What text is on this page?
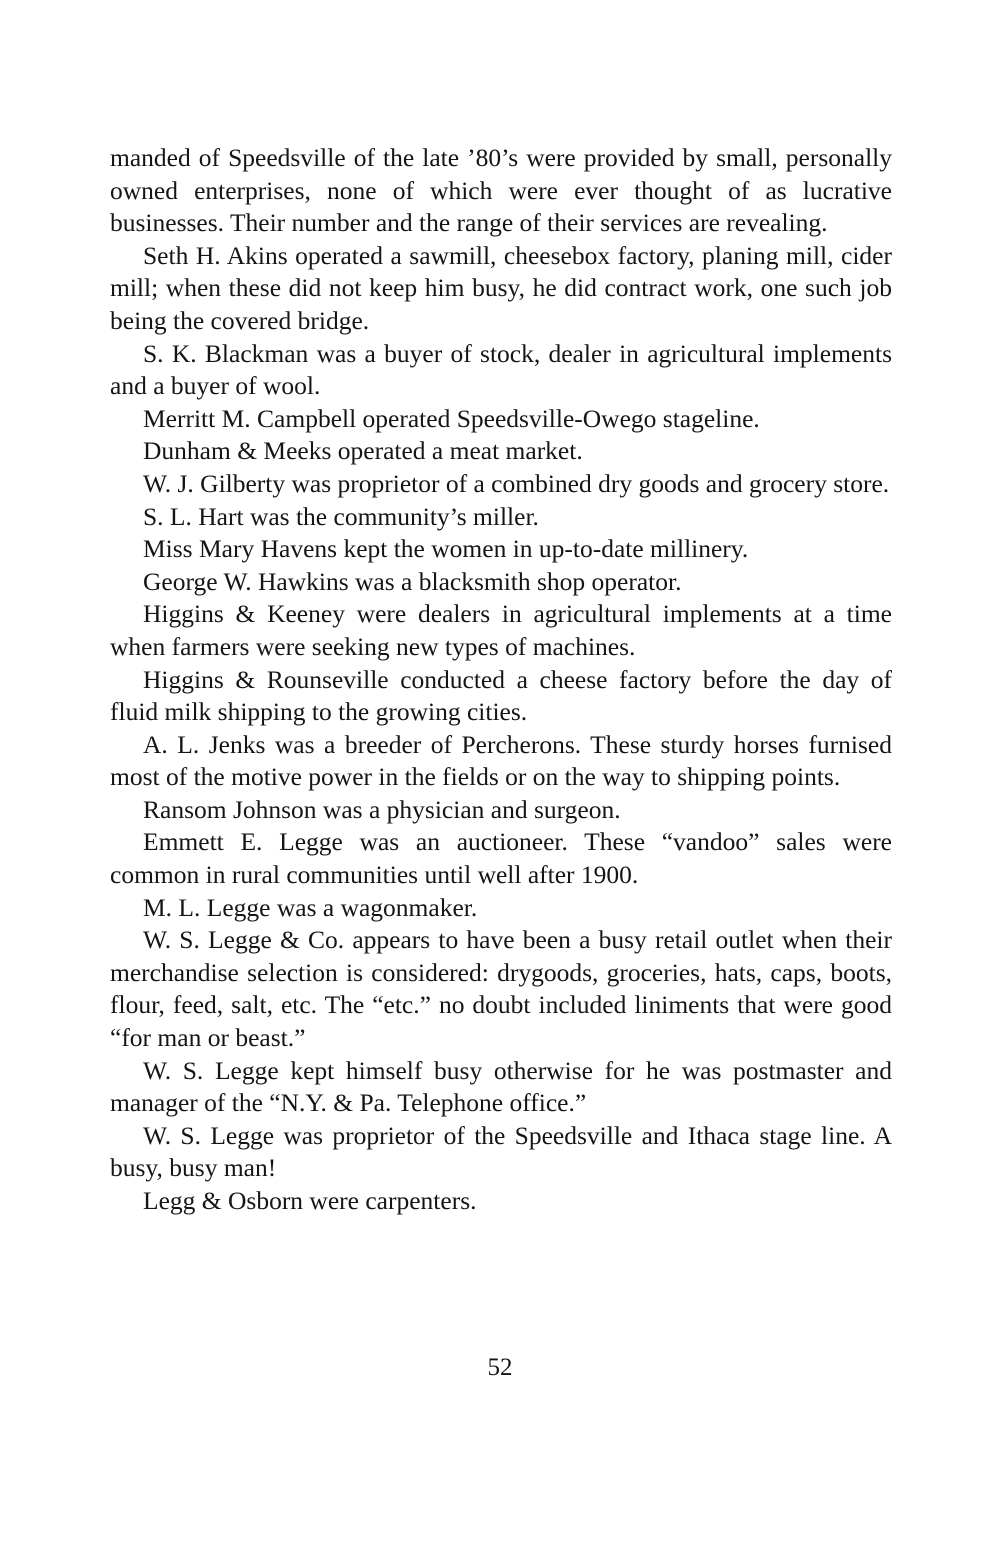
manded of Speedsville of the late ’80’s were provided by small, personally owned enterprises, none of which were ever thought of as lucrative businesses. Their number and the range of their services are revealing.

Seth H. Akins operated a sawmill, cheesebox factory, planing mill, cider mill; when these did not keep him busy, he did contract work, one such job being the covered bridge.

S. K. Blackman was a buyer of stock, dealer in agricultural implements and a buyer of wool.

Merritt M. Campbell operated Speedsville-Owego stageline.

Dunham & Meeks operated a meat market.

W. J. Gilberty was proprietor of a combined dry goods and grocery store.

S. L. Hart was the community’s miller.

Miss Mary Havens kept the women in up-to-date millinery.

George W. Hawkins was a blacksmith shop operator.

Higgins & Keeney were dealers in agricultural implements at a time when farmers were seeking new types of machines.

Higgins & Rounseville conducted a cheese factory before the day of fluid milk shipping to the growing cities.

A. L. Jenks was a breeder of Percherons. These sturdy horses furnised most of the motive power in the fields or on the way to shipping points.

Ransom Johnson was a physician and surgeon.

Emmett E. Legge was an auctioneer. These “vandoo” sales were common in rural communities until well after 1900.

M. L. Legge was a wagonmaker.

W. S. Legge & Co. appears to have been a busy retail outlet when their merchandise selection is considered: drygoods, groceries, hats, caps, boots, flour, feed, salt, etc. The “etc.” no doubt included liniments that were good “for man or beast.”

W. S. Legge kept himself busy otherwise for he was postmaster and manager of the “N.Y. & Pa. Telephone office.”

W. S. Legge was proprietor of the Speedsville and Ithaca stage line. A busy, busy man!

Legg & Osborn were carpenters.

52
